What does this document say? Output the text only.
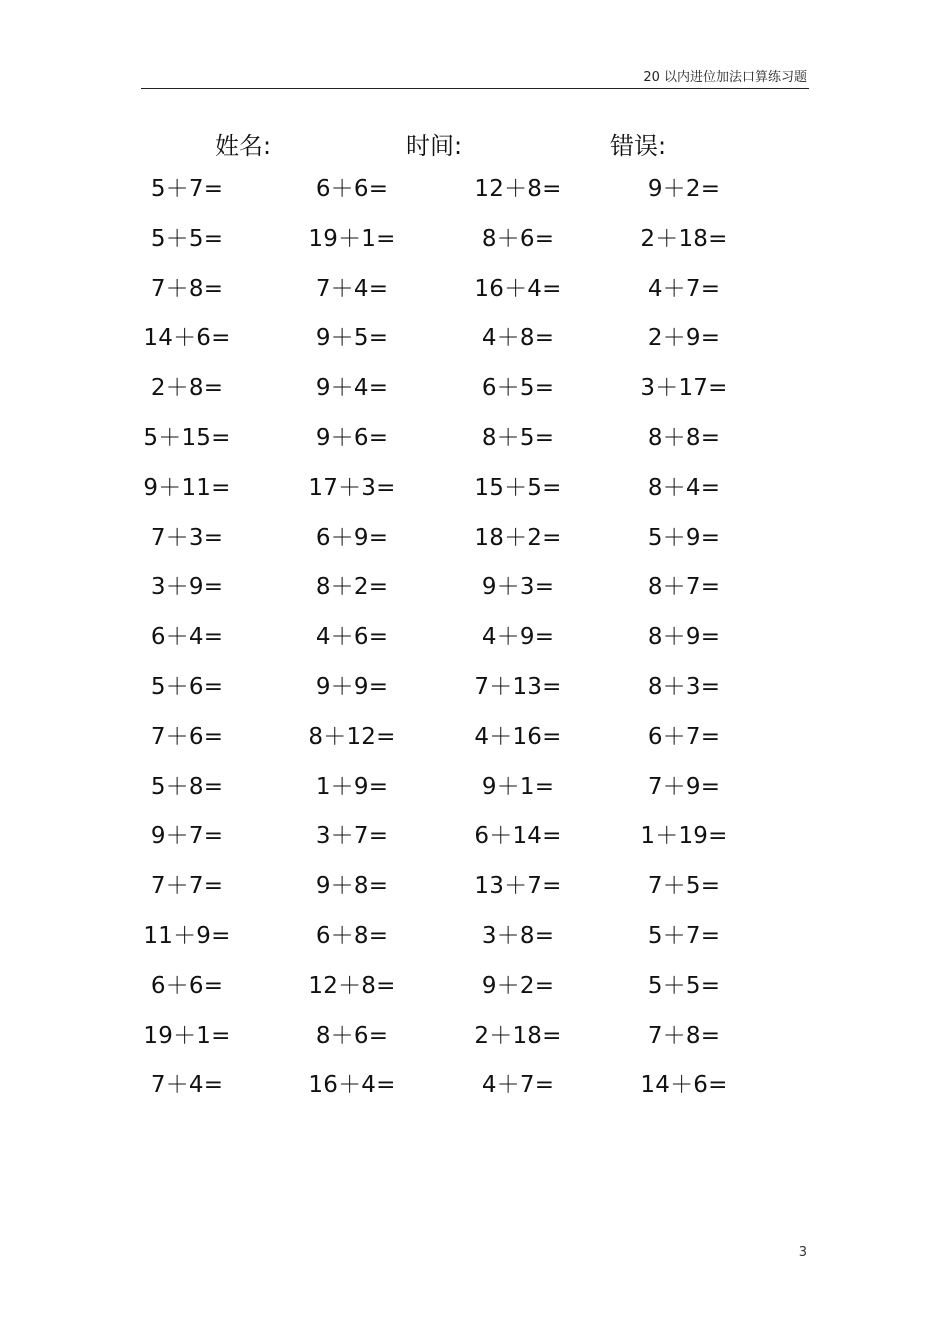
20 以内进位加法口算练习题
姓名:	时间:	错误:
5＋7=	6＋6=	12＋8=	9＋2=
5＋5=	19＋1=	8＋6=	2＋18=
7＋8=	7＋4=	16＋4=	4＋7=
14＋6=	9＋5=	4＋8=	2＋9=
2＋8=	9＋4=	6＋5=	3＋17=
5＋15=	9＋6=	8＋5=	8＋8=
9＋11=	17＋3=	15＋5=	8＋4=
7＋3=	6＋9=	18＋2=	5＋9=
3＋9=	8＋2=	9＋3=	8＋7=
6＋4=	4＋6=	4＋9=	8＋9=
5＋6=	9＋9=	7＋13=	8＋3=
7＋6=	8＋12=	4＋16=	6＋7=
5＋8=	1＋9=	9＋1=	7＋9=
9＋7=	3＋7=	6＋14=	1＋19=
7＋7=	9＋8=	13＋7=	7＋5=
11＋9=	6＋8=	3＋8=	5＋7=
6＋6=	12＋8=	9＋2=	5＋5=
19＋1=	8＋6=	2＋18=	7＋8=
7＋4=	16＋4=	4＋7=	14＋6=
3
